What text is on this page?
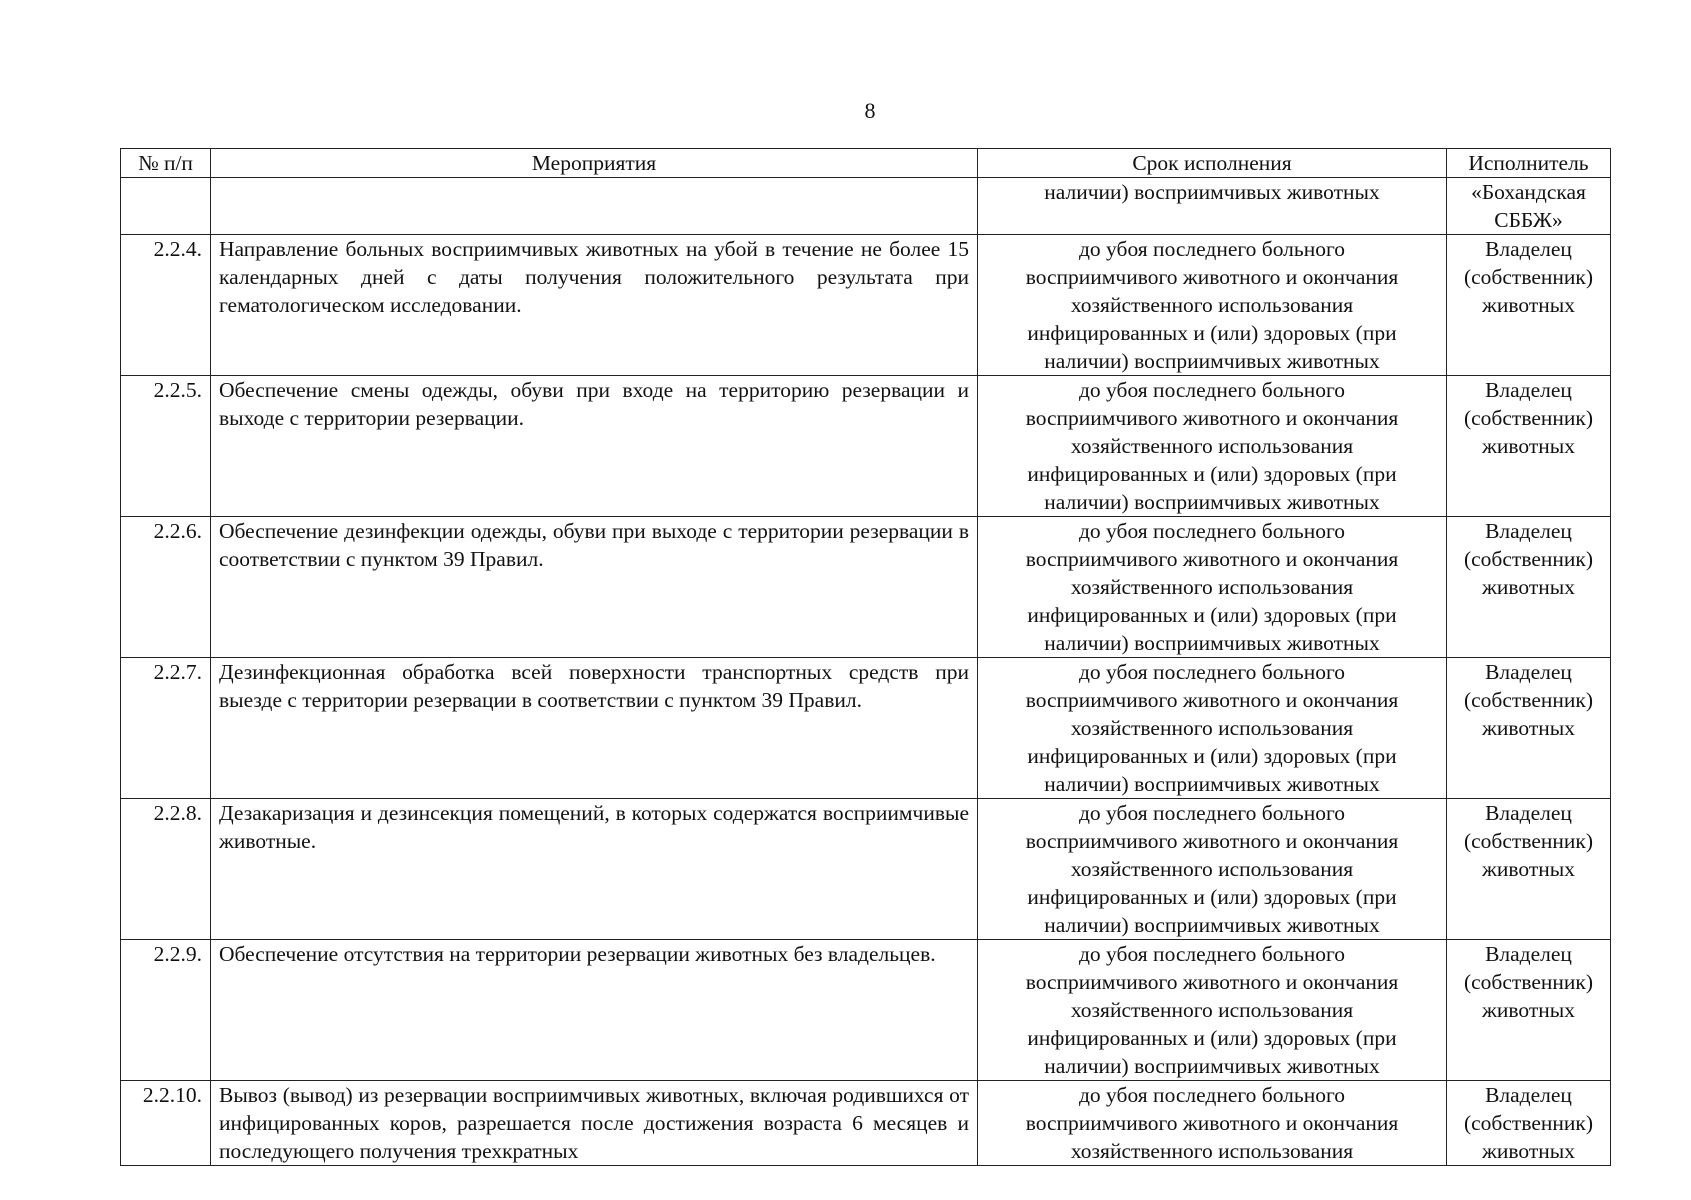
8
№ п/п	Мероприятия	Срок исполнения	Исполнитель
		наличии) восприимчивых животных	«Бохандская
СББЖ»
2.2.4.	Направление больных восприимчивых животных на убой в течение не более 15 календарных дней с даты получения положительного результата при гематологическом исследовании.	до убоя последнего больного
восприимчивого животного и окончания
хозяйственного использования
инфицированных и (или) здоровых (при
наличии) восприимчивых животных	Владелец
(собственник)
животных
2.2.5.	Обеспечение смены одежды, обуви при входе на территорию резервации и выходе с территории резервации.	до убоя последнего больного
восприимчивого животного и окончания
хозяйственного использования
инфицированных и (или) здоровых (при
наличии) восприимчивых животных	Владелец
(собственник)
животных
2.2.6.	Обеспечение дезинфекции одежды, обуви при выходе с территории резервации в соответствии с пунктом 39 Правил.	до убоя последнего больного
восприимчивого животного и окончания
хозяйственного использования
инфицированных и (или) здоровых (при
наличии) восприимчивых животных	Владелец
(собственник)
животных
2.2.7.	Дезинфекционная обработка всей поверхности транспортных средств при выезде с территории резервации в соответствии с пунктом 39 Правил.	до убоя последнего больного
восприимчивого животного и окончания
хозяйственного использования
инфицированных и (или) здоровых (при
наличии) восприимчивых животных	Владелец
(собственник)
животных
2.2.8.	Дезакаризация и дезинсекция помещений, в которых содержатся восприимчивые животные.	до убоя последнего больного
восприимчивого животного и окончания
хозяйственного использования
инфицированных и (или) здоровых (при
наличии) восприимчивых животных	Владелец
(собственник)
животных
2.2.9.	Обеспечение отсутствия на территории резервации животных без владельцев.	до убоя последнего больного
восприимчивого животного и окончания
хозяйственного использования
инфицированных и (или) здоровых (при
наличии) восприимчивых животных	Владелец
(собственник)
животных
2.2.10.	Вывоз (вывод) из резервации восприимчивых животных, включая родившихся от инфицированных коров, разрешается после достижения возраста 6 месяцев и последующего получения трехкратных	до убоя последнего больного
восприимчивого животного и окончания
хозяйственного использования	Владелец
(собственник)
животных
